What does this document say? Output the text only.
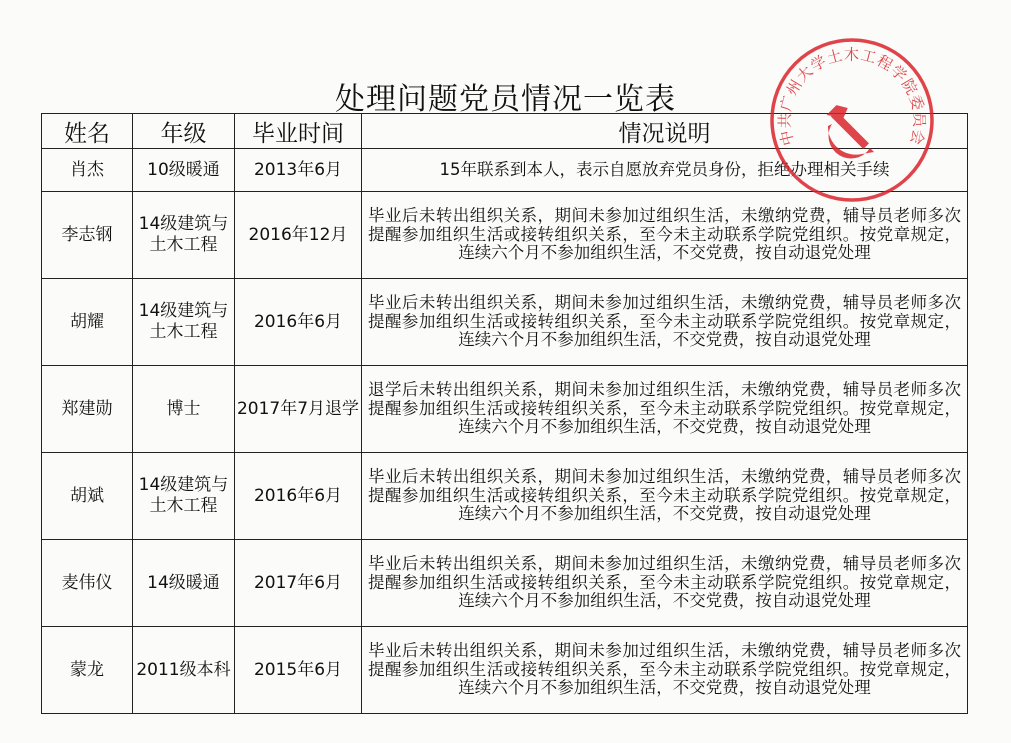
处理问题党员情况一览表
姓名	年级	毕业时间	情况说明
肖杰	10级暖通	2013年6月	15年联系到本人，表示自愿放弃党员身份，拒绝办理相关手续
李志钢	14级建筑与土木工程	2016年12月	毕业后未转出组织关系，期间未参加过组织生活，未缴纳党费，辅导员老师多次提醒参加组织生活或接转组织关系，至今未主动联系学院党组织。按党章规定，连续六个月不参加组织生活，不交党费，按自动退党处理
胡耀	14级建筑与土木工程	2016年6月	毕业后未转出组织关系，期间未参加过组织生活，未缴纳党费，辅导员老师多次提醒参加组织生活或接转组织关系，至今未主动联系学院党组织。按党章规定，连续六个月不参加组织生活，不交党费，按自动退党处理
郑建勋	博士	2017年7月退学	退学后未转出组织关系，期间未参加过组织生活，未缴纳党费，辅导员老师多次提醒参加组织生活或接转组织关系，至今未主动联系学院党组织。按党章规定，连续六个月不参加组织生活，不交党费，按自动退党处理
胡斌	14级建筑与土木工程	2016年6月	毕业后未转出组织关系，期间未参加过组织生活，未缴纳党费，辅导员老师多次提醒参加组织生活或接转组织关系，至今未主动联系学院党组织。按党章规定，连续六个月不参加组织生活，不交党费，按自动退党处理
麦伟仪	14级暖通	2017年6月	毕业后未转出组织关系，期间未参加过组织生活，未缴纳党费，辅导员老师多次提醒参加组织生活或接转组织关系，至今未主动联系学院党组织。按党章规定，连续六个月不参加组织生活，不交党费，按自动退党处理
蒙龙	2011级本科	2015年6月	毕业后未转出组织关系，期间未参加过组织生活，未缴纳党费，辅导员老师多次提醒参加组织生活或接转组织关系，至今未主动联系学院党组织。按党章规定，连续六个月不参加组织生活，不交党费，按自动退党处理
中共广州大学土木工程学院委员会
